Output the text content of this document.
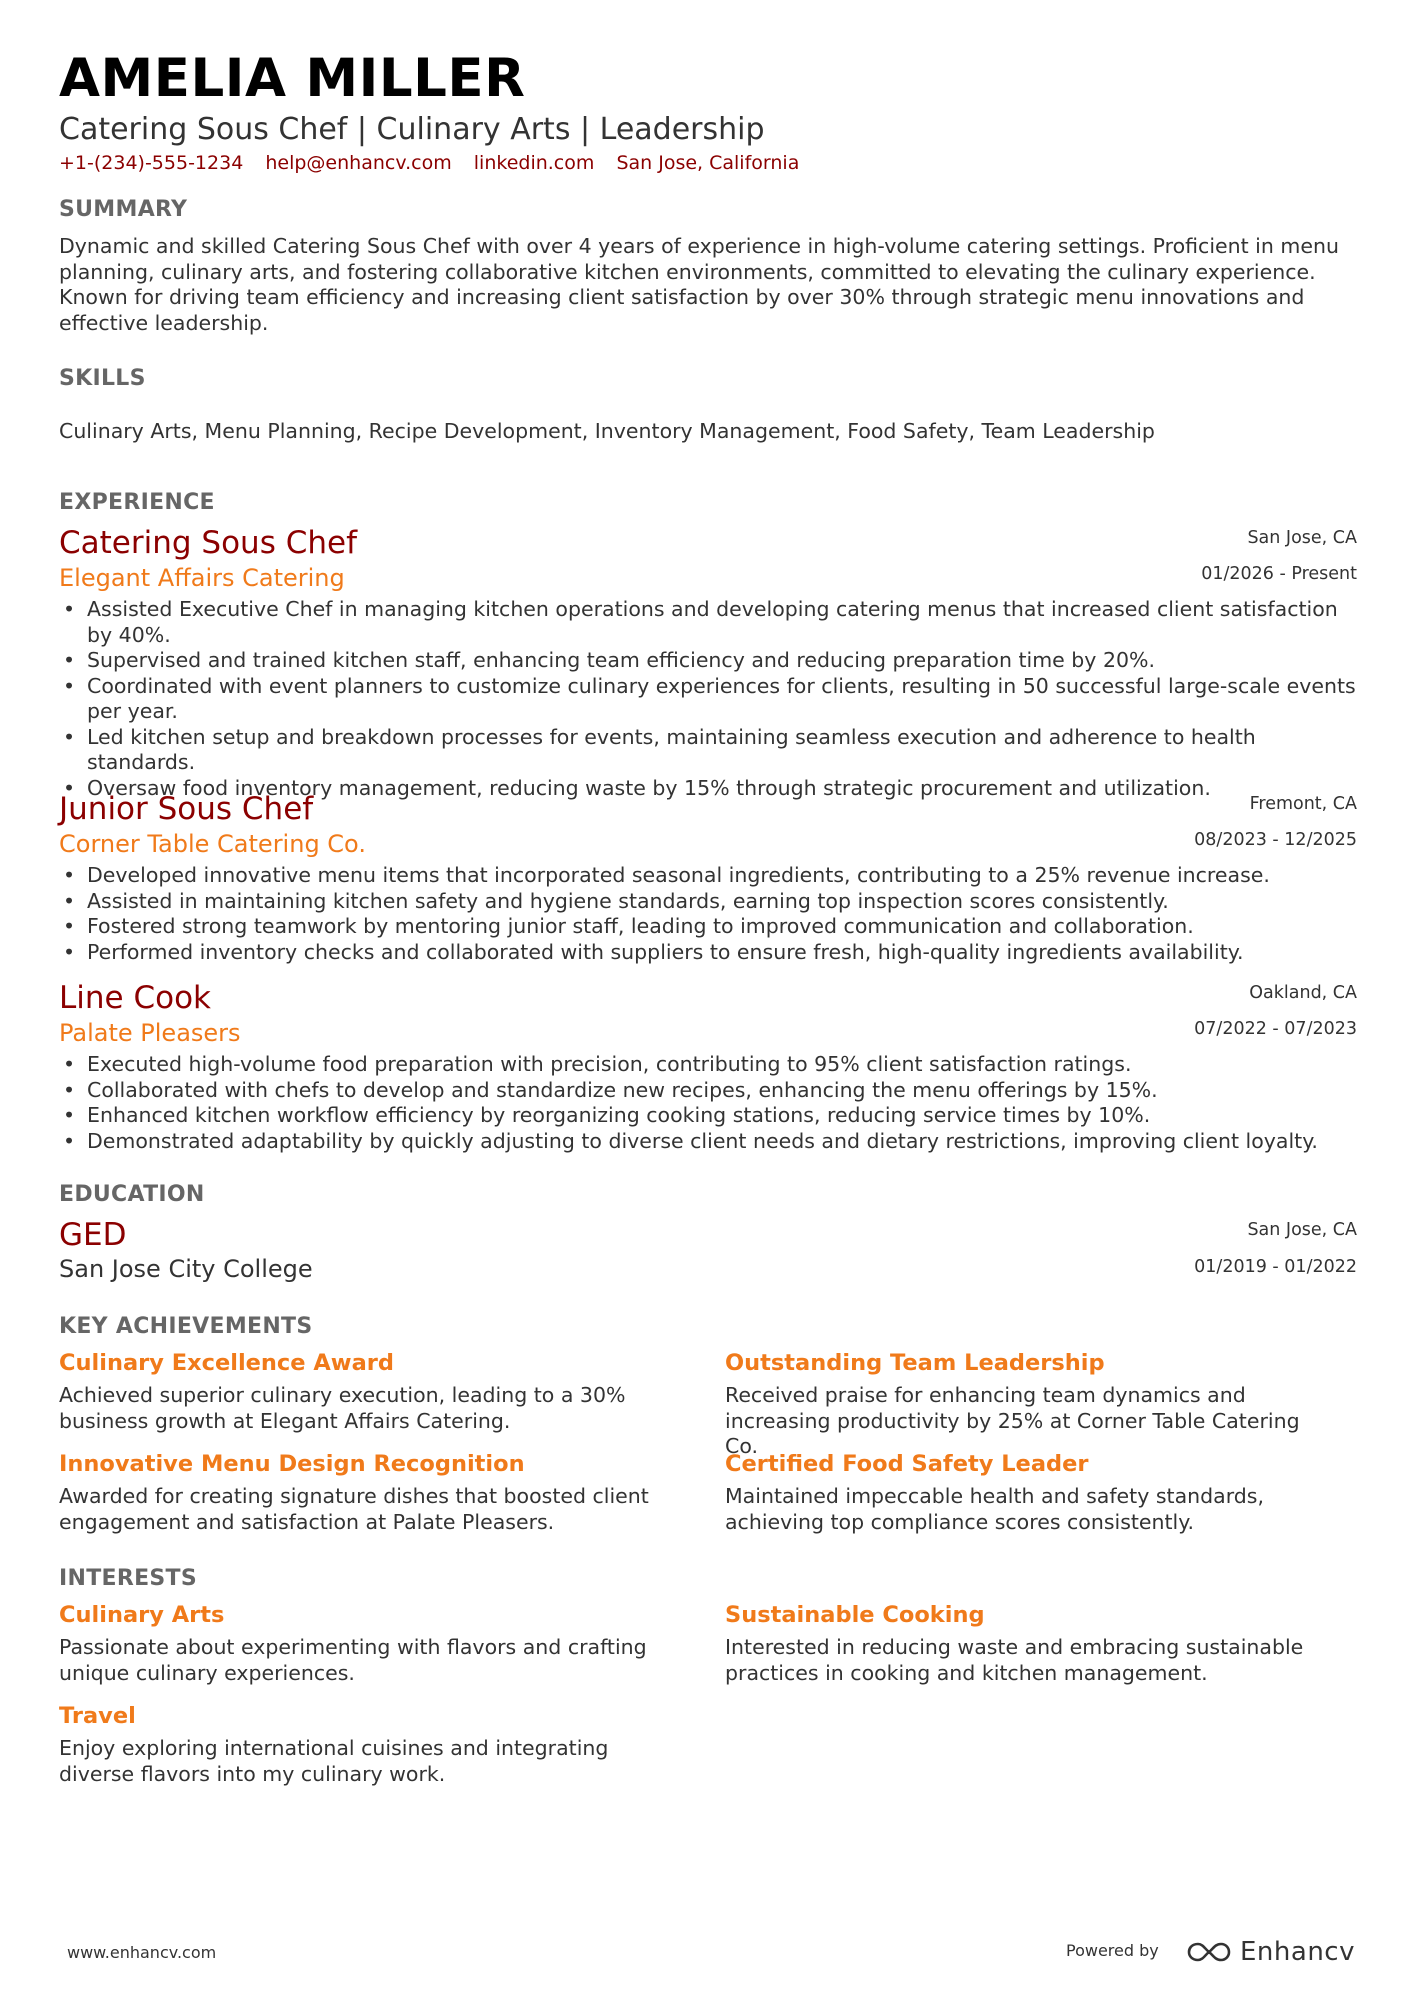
AMELIA MILLER
Catering Sous Chef | Culinary Arts | Leadership
+1-(234)-555-1234 help@enhancv.com linkedin.com San Jose, California
SUMMARY
Dynamic and skilled Catering Sous Chef with over 4 years of experience in high-volume catering settings. Proficient in menu planning, culinary arts, and fostering collaborative kitchen environments, committed to elevating the culinary experience. Known for driving team efficiency and increasing client satisfaction by over 30% through strategic menu innovations and effective leadership.
SKILLS
Culinary Arts, Menu Planning, Recipe Development, Inventory Management, Food Safety, Team Leadership
EXPERIENCE
Catering Sous Chef	San Jose, CA
Elegant Affairs Catering	01/2026 - Present
• Assisted Executive Chef in managing kitchen operations and developing catering menus that increased client satisfaction by 40%.
• Supervised and trained kitchen staff, enhancing team efficiency and reducing preparation time by 20%.
• Coordinated with event planners to customize culinary experiences for clients, resulting in 50 successful large-scale events per year.
• Led kitchen setup and breakdown processes for events, maintaining seamless execution and adherence to health standards.
• Oversaw food inventory management, reducing waste by 15% through strategic procurement and utilization.
Junior Sous Chef	Fremont, CA
Corner Table Catering Co.	08/2023 - 12/2025
• Developed innovative menu items that incorporated seasonal ingredients, contributing to a 25% revenue increase.
• Assisted in maintaining kitchen safety and hygiene standards, earning top inspection scores consistently.
• Fostered strong teamwork by mentoring junior staff, leading to improved communication and collaboration.
• Performed inventory checks and collaborated with suppliers to ensure fresh, high-quality ingredients availability.
Line Cook	Oakland, CA
Palate Pleasers	07/2022 - 07/2023
• Executed high-volume food preparation with precision, contributing to 95% client satisfaction ratings.
• Collaborated with chefs to develop and standardize new recipes, enhancing the menu offerings by 15%.
• Enhanced kitchen workflow efficiency by reorganizing cooking stations, reducing service times by 10%.
• Demonstrated adaptability by quickly adjusting to diverse client needs and dietary restrictions, improving client loyalty.
EDUCATION
GED	San Jose, CA
San Jose City College	01/2019 - 01/2022
KEY ACHIEVEMENTS
Culinary Excellence Award
Achieved superior culinary execution, leading to a 30% business growth at Elegant Affairs Catering.
Outstanding Team Leadership
Received praise for enhancing team dynamics and increasing productivity by 25% at Corner Table Catering Co.
Innovative Menu Design Recognition
Awarded for creating signature dishes that boosted client engagement and satisfaction at Palate Pleasers.
Certified Food Safety Leader
Maintained impeccable health and safety standards, achieving top compliance scores consistently.
INTERESTS
Culinary Arts
Passionate about experimenting with flavors and crafting unique culinary experiences.
Sustainable Cooking
Interested in reducing waste and embracing sustainable practices in cooking and kitchen management.
Travel
Enjoy exploring international cuisines and integrating diverse flavors into my culinary work.
www.enhancv.com	Powered by	Enhancv
